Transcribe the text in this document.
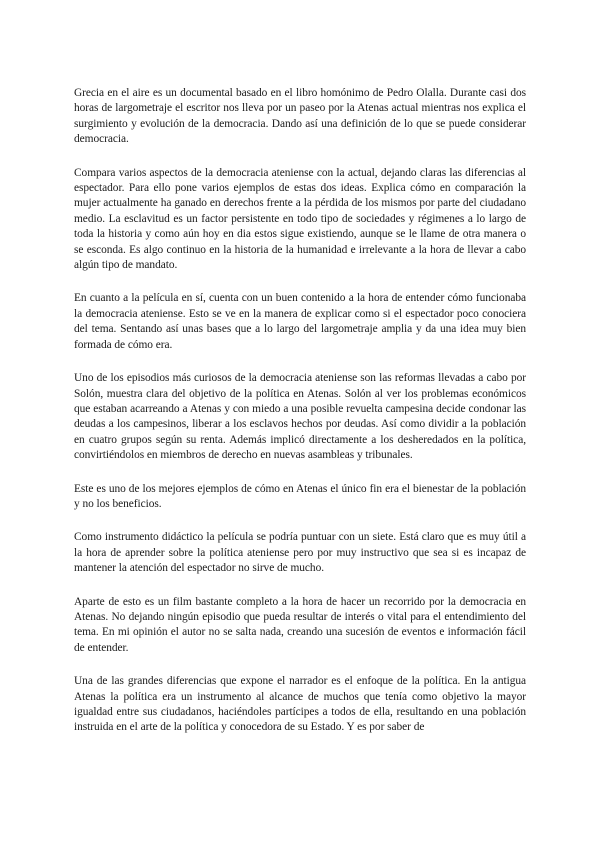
Grecia en el aire es un documental basado en el libro homónimo de Pedro Olalla. Durante casi dos horas de largometraje el escritor nos lleva por un paseo por la Atenas actual mientras nos explica el surgimiento y evolución de la democracia. Dando así una definición de lo que se puede considerar democracia.

Compara varios aspectos de la democracia ateniense con la actual, dejando claras las diferencias al espectador. Para ello pone varios ejemplos de estas dos ideas. Explica cómo en comparación la mujer actualmente ha ganado en derechos frente a la pérdida de los mismos por parte del ciudadano medio. La esclavitud es un factor persistente en todo tipo de sociedades y régimenes a lo largo de toda la historia y como aún hoy en dia estos sigue existiendo, aunque se le llame de otra manera o se esconda. Es algo continuo en la historia de la humanidad e irrelevante a la hora de llevar a cabo algún tipo de mandato.

En cuanto a la película en sí, cuenta con un buen contenido a la hora de entender cómo funcionaba la democracia ateniense. Esto se ve en la manera de explicar como si el espectador poco conociera del tema. Sentando así unas bases que a lo largo del largometraje amplia y da una idea muy bien formada de cómo era.

Uno de los episodios más curiosos de la democracia ateniense son las reformas llevadas a cabo por Solón, muestra clara del objetivo de la política en Atenas. Solón al ver los problemas económicos que estaban acarreando a Atenas y con miedo a una posible revuelta campesina decide condonar las deudas a los campesinos, liberar a los esclavos hechos por deudas. Así como dividir a la población en cuatro grupos según su renta. Además implicó directamente a los desheredados en la política, convirtiéndolos en miembros de derecho en nuevas asambleas y tribunales.

Este es uno de los mejores ejemplos de cómo en Atenas el único fin era el bienestar de la población y no los beneficios.

Como instrumento didáctico la película se podría puntuar con un siete. Está claro que es muy útil a la hora de aprender sobre la política ateniense pero por muy instructivo que sea si es incapaz de mantener la atención del espectador no sirve de mucho.

Aparte de esto es un film bastante completo a la hora de hacer un recorrido por la democracia en Atenas. No dejando ningún episodio que pueda resultar de interés o vital para el entendimiento del tema. En mi opinión el autor no se salta nada, creando una sucesión de eventos e información fácil de entender.

Una de las grandes diferencias que expone el narrador es el enfoque de la política. En la antigua Atenas la política era un instrumento al alcance de muchos que tenía como objetivo la mayor igualdad entre sus ciudadanos, haciéndoles partícipes a todos de ella, resultando en una población instruida en el arte de la política y conocedora de su Estado. Y es por saber de
